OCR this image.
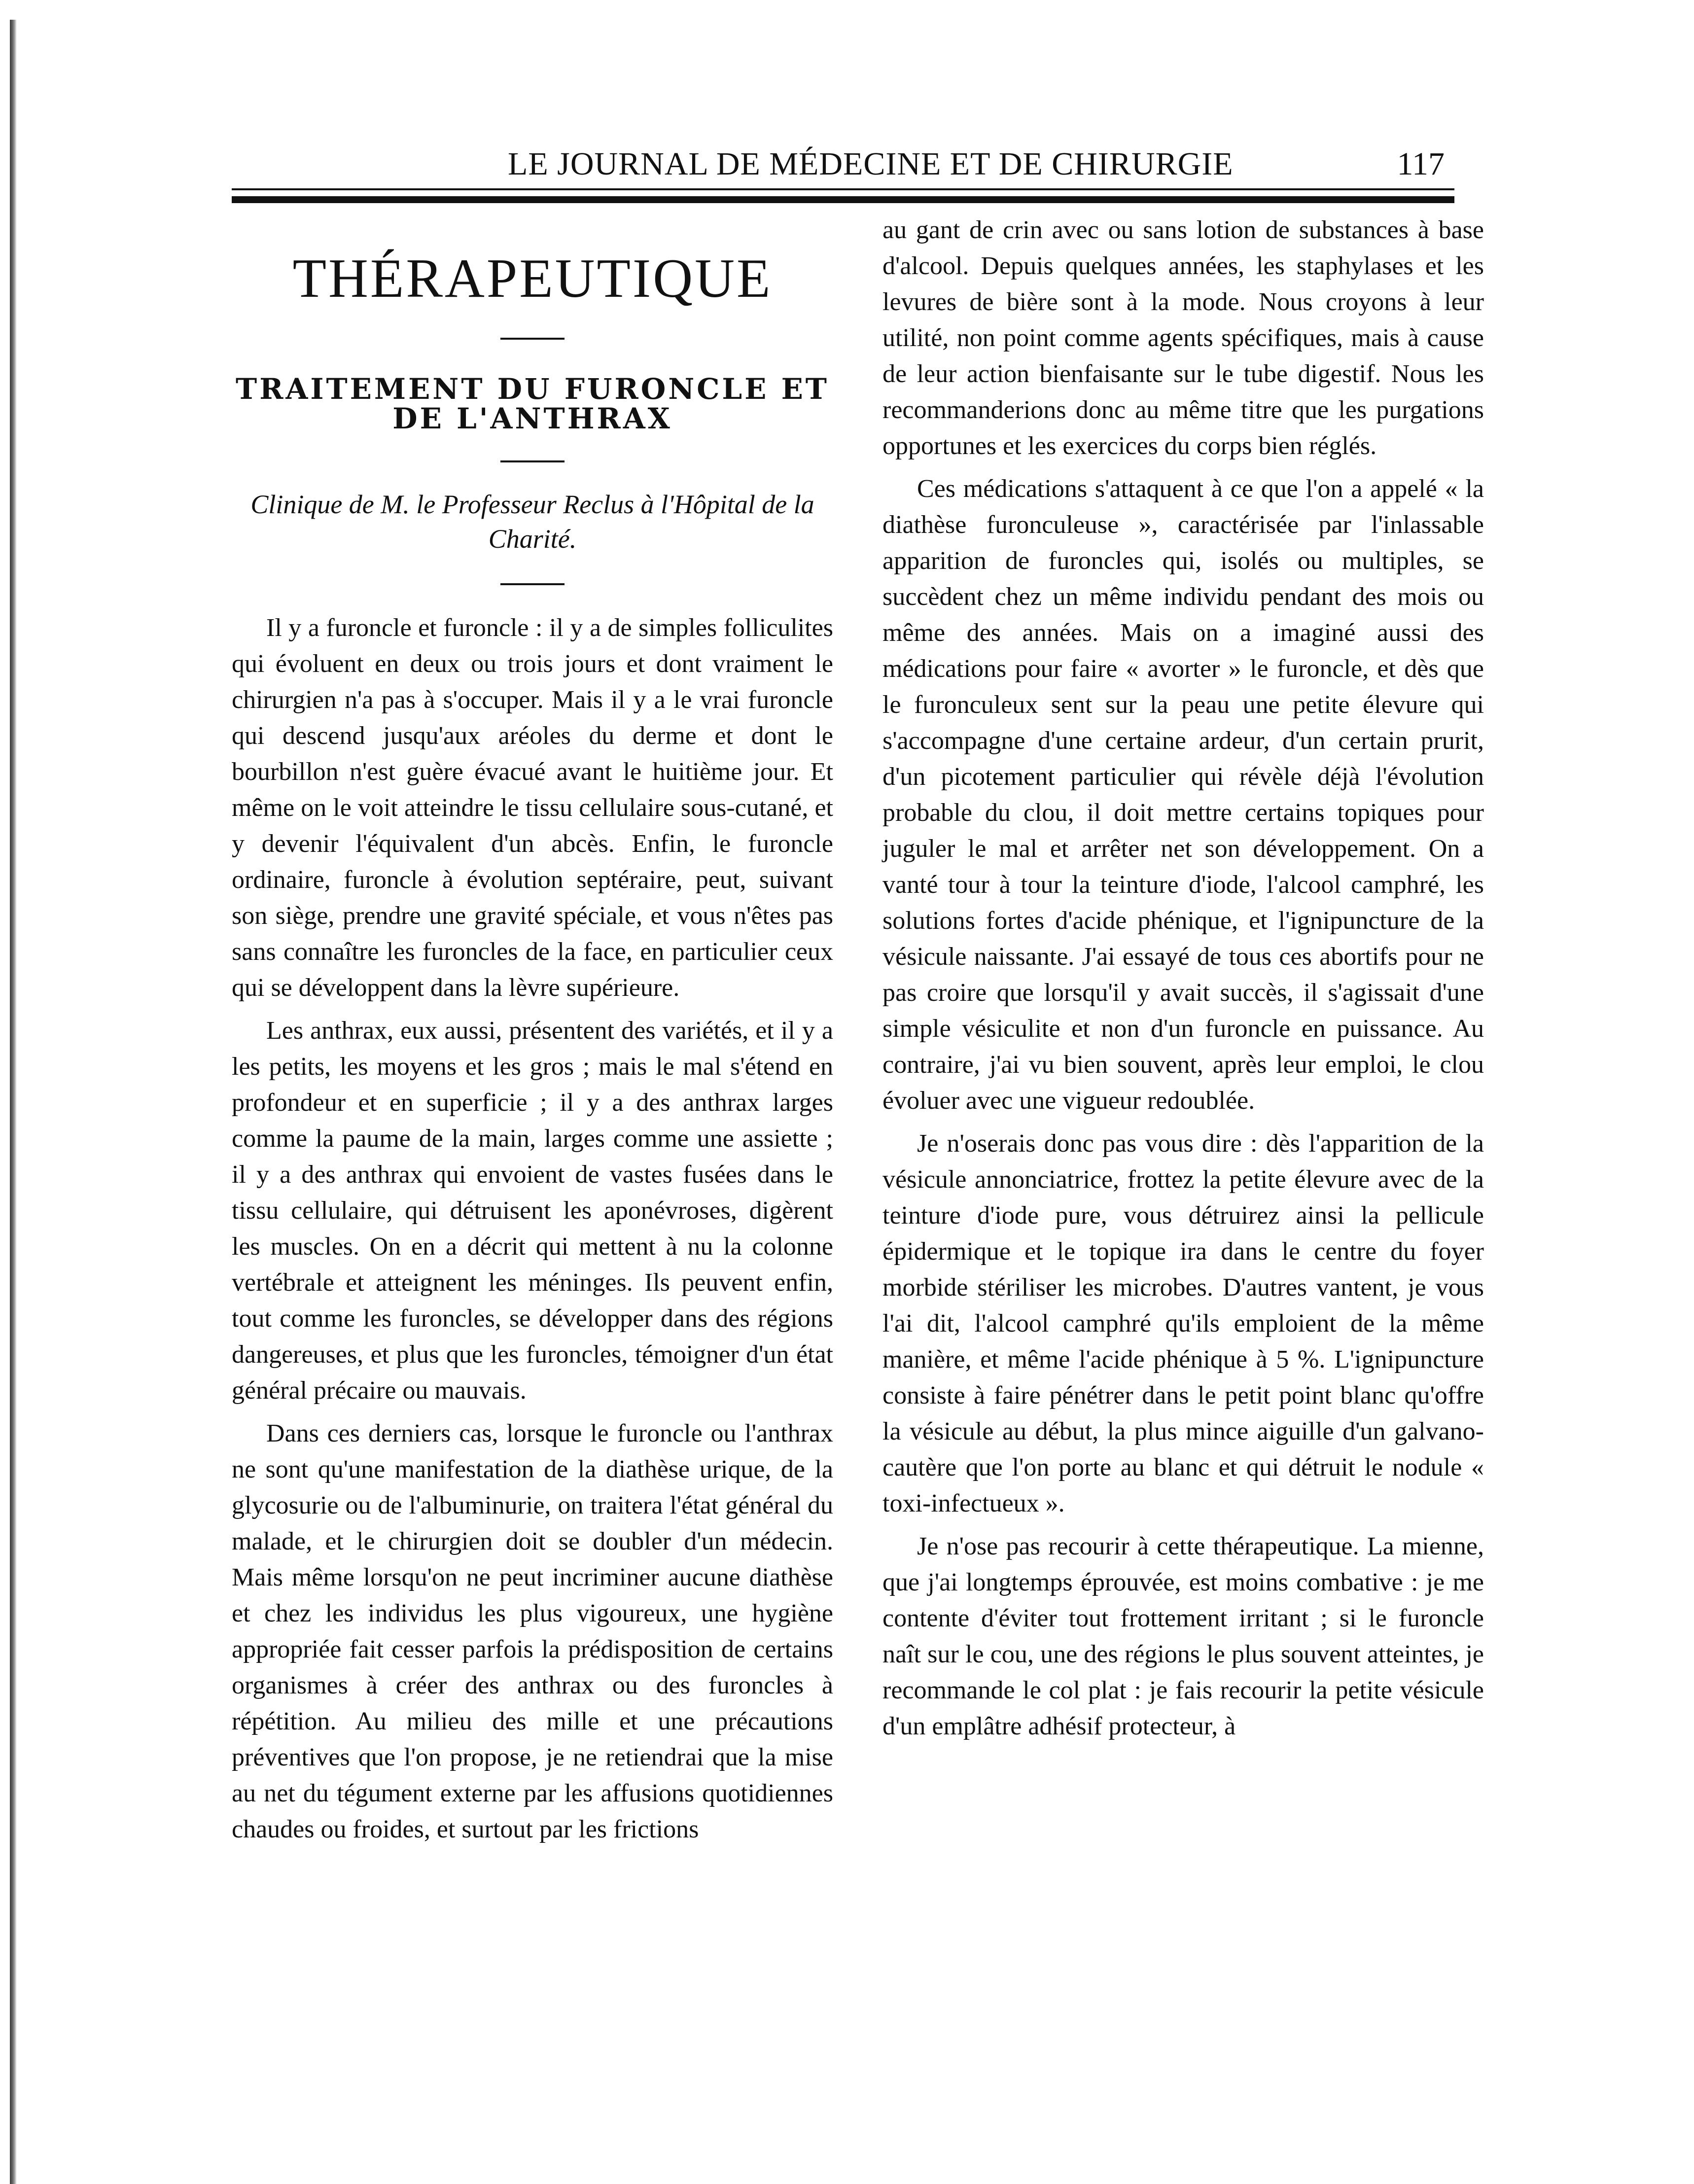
LE JOURNAL DE MÉDECINE ET DE CHIRURGIE	117
THÉRAPEUTIQUE
TRAITEMENT DU FURONCLE ET DE L'ANTHRAX
Clinique de M. le Professeur Reclus à l'Hôpital de la Charité.

Il y a furoncle et furoncle : il y a de simples folliculites qui évoluent en deux ou trois jours et dont vraiment le chirurgien n'a pas à s'occuper. Mais il y a le vrai furoncle qui descend jusqu'aux aréoles du derme et dont le bourbillon n'est guère évacué avant le huitième jour. Et même on le voit atteindre le tissu cellulaire sous-cutané, et y devenir l'équivalent d'un abcès. Enfin, le furoncle ordinaire, furoncle à évolution septéraire, peut, suivant son siège, prendre une gravité spéciale, et vous n'êtes pas sans connaître les furoncles de la face, en particulier ceux qui se développent dans la lèvre supérieure.

Les anthrax, eux aussi, présentent des variétés, et il y a les petits, les moyens et les gros ; mais le mal s'étend en profondeur et en superficie ; il y a des anthrax larges comme la paume de la main, larges comme une assiette ; il y a des anthrax qui envoient de vastes fusées dans le tissu cellulaire, qui détruisent les aponévroses, digèrent les muscles. On en a décrit qui mettent à nu la colonne vertébrale et atteignent les méninges. Ils peuvent enfin, tout comme les furoncles, se développer dans des régions dangereuses, et plus que les furoncles, témoigner d'un état général précaire ou mauvais.

Dans ces derniers cas, lorsque le furoncle ou l'anthrax ne sont qu'une manifestation de la diathèse urique, de la glycosurie ou de l'albuminurie, on traitera l'état général du malade, et le chirurgien doit se doubler d'un médecin. Mais même lorsqu'on ne peut incriminer aucune diathèse et chez les individus les plus vigoureux, une hygiène appropriée fait cesser parfois la prédisposition de certains organismes à créer des anthrax ou des furoncles à répétition. Au milieu des mille et une précautions préventives que l'on propose, je ne retiendrai que la mise au net du tégument externe par les affusions quotidiennes chaudes ou froides, et surtout par les frictions

au gant de crin avec ou sans lotion de substances à base d'alcool. Depuis quelques années, les staphylases et les levures de bière sont à la mode. Nous croyons à leur utilité, non point comme agents spécifiques, mais à cause de leur action bienfaisante sur le tube digestif. Nous les recommanderions donc au même titre que les purgations opportunes et les exercices du corps bien réglés.

Ces médications s'attaquent à ce que l'on a appelé « la diathèse furonculeuse », caractérisée par l'inlassable apparition de furoncles qui, isolés ou multiples, se succèdent chez un même individu pendant des mois ou même des années. Mais on a imaginé aussi des médications pour faire « avorter » le furoncle, et dès que le furonculeux sent sur la peau une petite élevure qui s'accompagne d'une certaine ardeur, d'un certain prurit, d'un picotement particulier qui révèle déjà l'évolution probable du clou, il doit mettre certains topiques pour juguler le mal et arrêter net son développement. On a vanté tour à tour la teinture d'iode, l'alcool camphré, les solutions fortes d'acide phénique, et l'ignipuncture de la vésicule naissante. J'ai essayé de tous ces abortifs pour ne pas croire que lorsqu'il y avait succès, il s'agissait d'une simple vésiculite et non d'un furoncle en puissance. Au contraire, j'ai vu bien souvent, après leur emploi, le clou évoluer avec une vigueur redoublée.

Je n'oserais donc pas vous dire : dès l'apparition de la vésicule annonciatrice, frottez la petite élevure avec de la teinture d'iode pure, vous détruirez ainsi la pellicule épidermique et le topique ira dans le centre du foyer morbide stériliser les microbes. D'autres vantent, je vous l'ai dit, l'alcool camphré qu'ils emploient de la même manière, et même l'acide phénique à 5 %. L'ignipuncture consiste à faire pénétrer dans le petit point blanc qu'offre la vésicule au début, la plus mince aiguille d'un galvano-cautère que l'on porte au blanc et qui détruit le nodule « toxi-infectueux ».

Je n'ose pas recourir à cette thérapeutique. La mienne, que j'ai longtemps éprouvée, est moins combative : je me contente d'éviter tout frottement irritant ; si le furoncle naît sur le cou, une des régions le plus souvent atteintes, je recommande le col plat : je fais recourir la petite vésicule d'un emplâtre adhésif protecteur, à
